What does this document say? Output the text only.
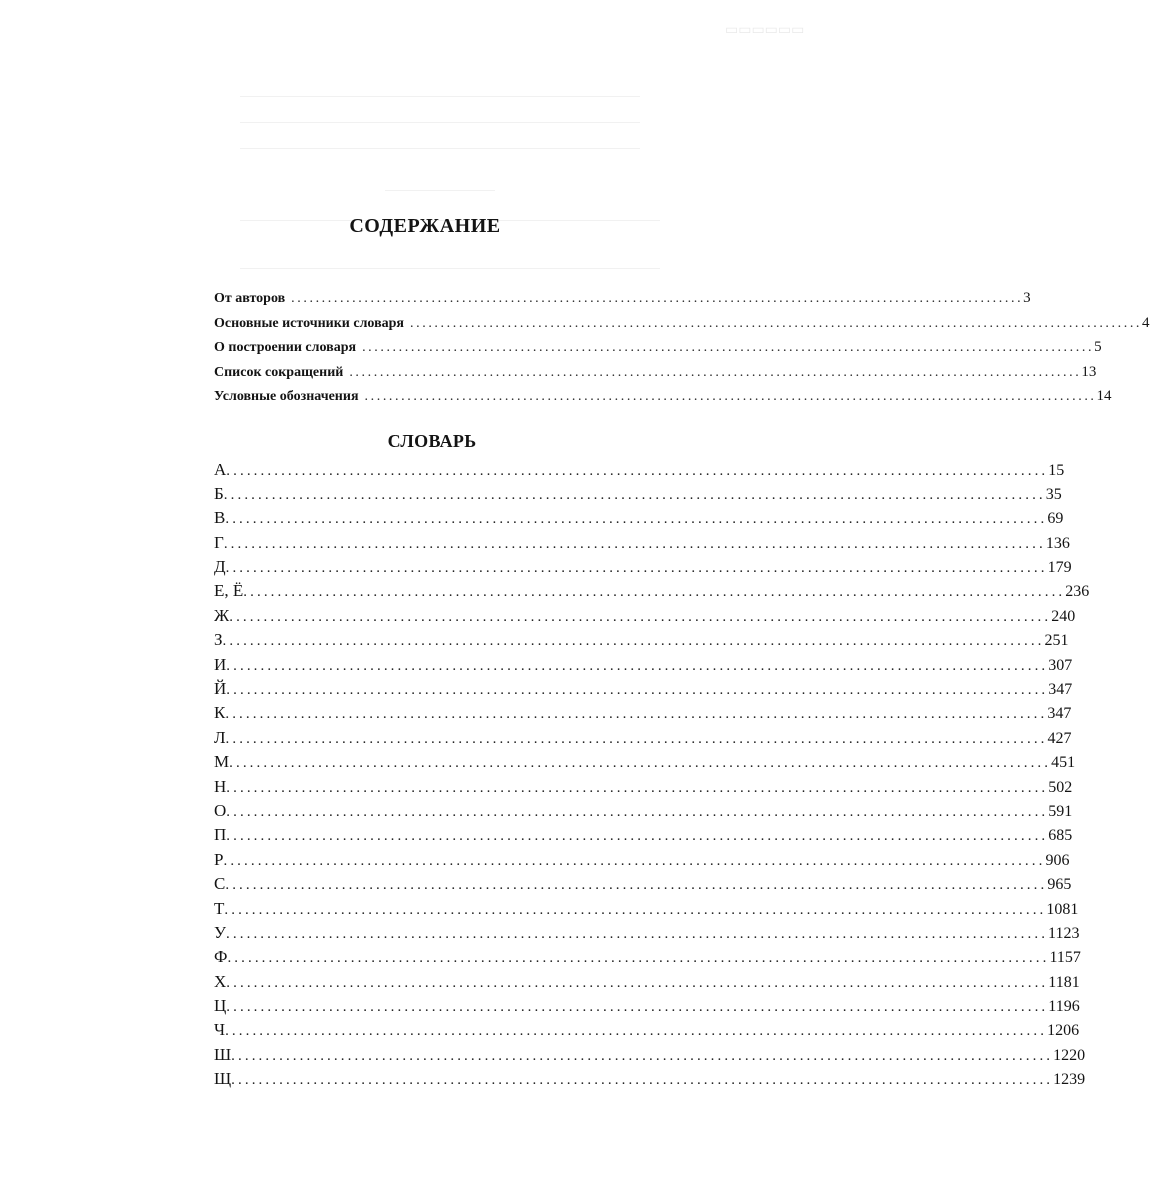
▭▭▭▭▭▭
СОДЕРЖАНИЕ
От авторов ........................................................................................................................ 3
Основные источники словаря ........................................................................................................................ 4
О построении словаря ........................................................................................................................ 5
Список сокращений ........................................................................................................................ 13
Условные обозначения ........................................................................................................................ 14
СЛОВАРЬ
А ........................................................................................................................ 15
Б ........................................................................................................................ 35
В ........................................................................................................................ 69
Г ........................................................................................................................ 136
Д ........................................................................................................................ 179
Е, Ё ........................................................................................................................ 236
Ж ........................................................................................................................ 240
З ........................................................................................................................ 251
И ........................................................................................................................ 307
Й ........................................................................................................................ 347
К ........................................................................................................................ 347
Л ........................................................................................................................ 427
М ........................................................................................................................ 451
Н ........................................................................................................................ 502
О ........................................................................................................................ 591
П ........................................................................................................................ 685
Р ........................................................................................................................ 906
С ........................................................................................................................ 965
Т ........................................................................................................................ 1081
У ........................................................................................................................ 1123
Ф ........................................................................................................................ 1157
Х ........................................................................................................................ 1181
Ц ........................................................................................................................ 1196
Ч ........................................................................................................................ 1206
Ш ........................................................................................................................ 1220
Щ ........................................................................................................................ 1239
